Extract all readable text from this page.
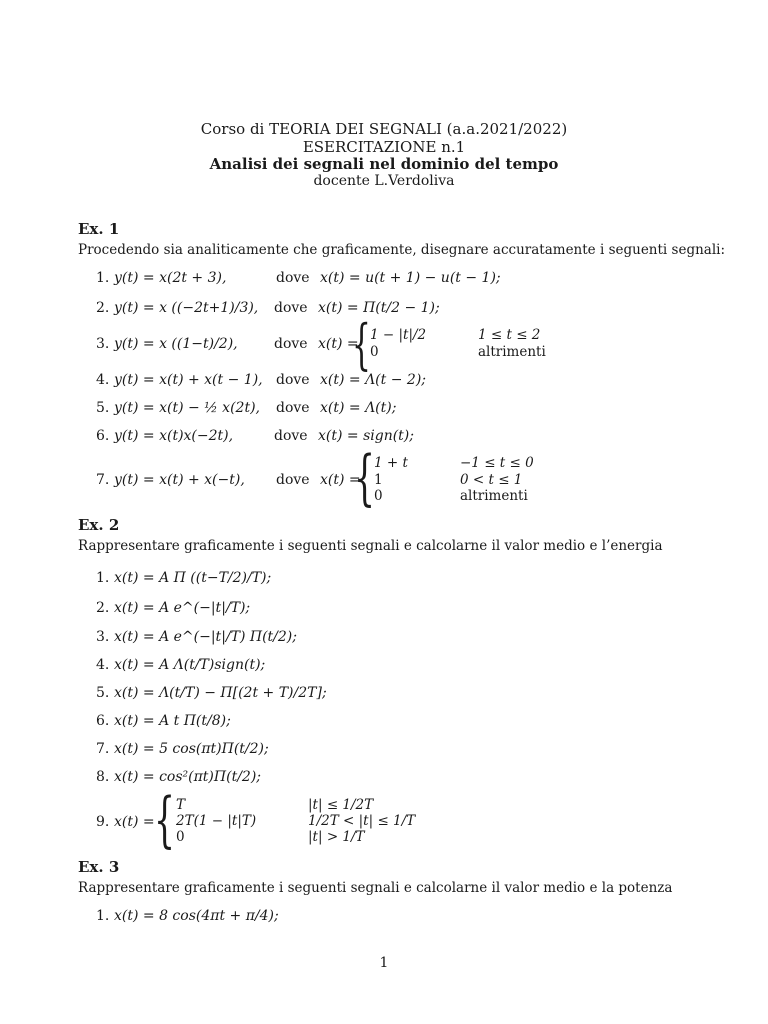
Corso di TEORIA DEI SEGNALI (a.a.2021/2022)
ESERCITAZIONE n.1
Analisi dei segnali nel dominio del tempo
docente L.Verdoliva
Ex. 1
Procedendo sia analiticamente che graficamente, disegnare accuratamente i seguenti segnali:
1. y(t) = x(2t + 3),	dove x(t) = u(t + 1) − u(t − 1);
2. y(t) = x ((−2t+1)/3), dove x(t) = Π(t/2 − 1);
3. y(t) = x ((1−t)/2),	dove x(t) =
{ 1 − |t|/2	1 ≤ t ≤ 2
0	altrimenti
4. y(t) = x(t) + x(t − 1), dove x(t) = Λ(t − 2);
5. y(t) = x(t) − ½ x(2t), dove x(t) = Λ(t);
6. y(t) = x(t)x(−2t),	dove x(t) = sign(t);
7. y(t) = x(t) + x(−t), dove x(t) =
{
1 + t	−1 ≤ t ≤ 0
1	0 < t ≤ 1
0	altrimenti
Ex. 2
Rappresentare graficamente i seguenti segnali e calcolarne il valor medio e l’energia
1. x(t) = A Π ((t−T/2)/T);
2. x(t) = A e^(−|t|/T);
3. x(t) = A e^(−|t|/T) Π(t/2);
4. x(t) = A Λ(t/T)sign(t);
5. x(t) = Λ(t/T) − Π[(2t + T)/2T];
6. x(t) = A t Π(t/8);
7. x(t) = 5 cos(πt)Π(t/2);
8. x(t) = cos²(πt)Π(t/2);
9. x(t) = { T	|t| ≤ 1/2T
2T(1 − |t|T)	1/2T < |t| ≤ 1/T
0	|t| > 1/T
Ex. 3
Rappresentare graficamente i seguenti segnali e calcolarne il valor medio e la potenza
1. x(t) = 8 cos(4πt + π/4);
1
